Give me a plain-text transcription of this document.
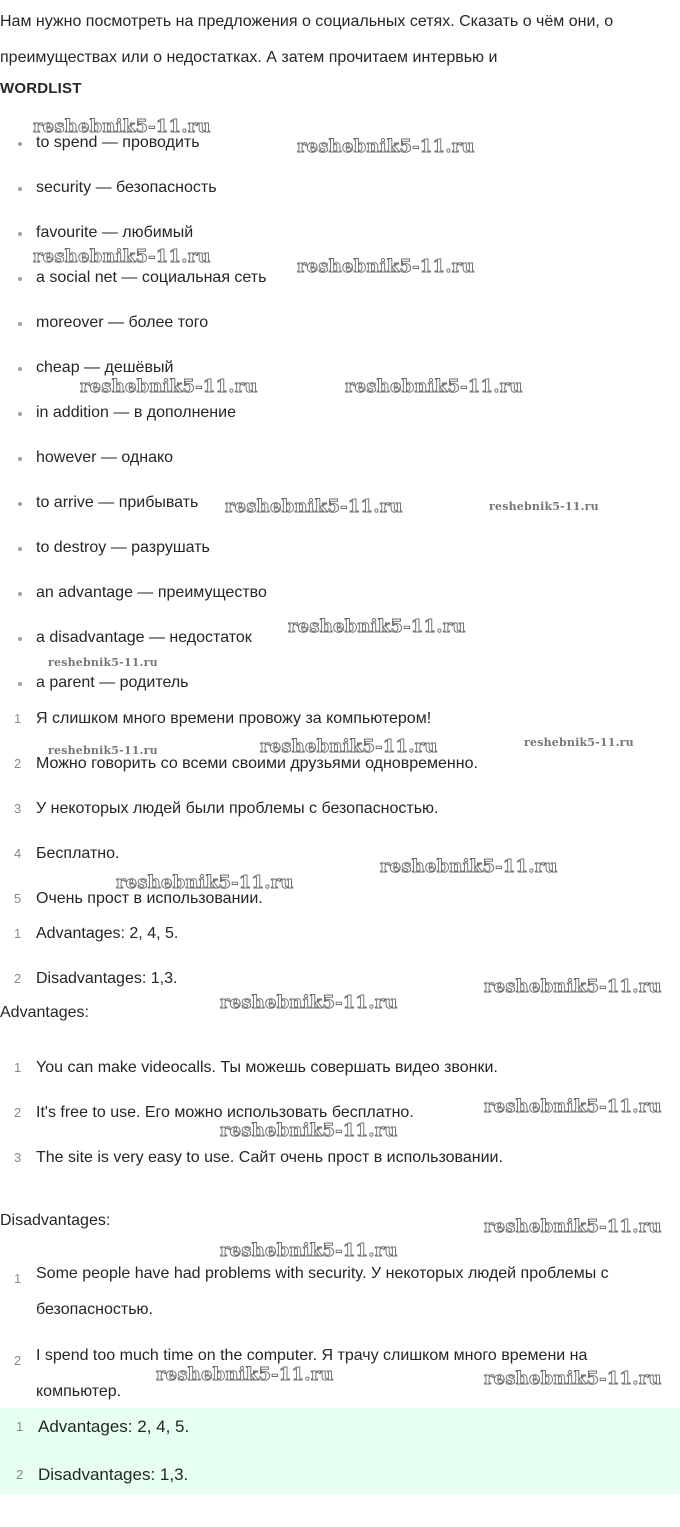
Нам нужно посмотреть на предложения о социальных сетях. Сказать о чём они, о преимуществах или о недостатках. А затем прочитаем интервью и

WORDLIST
to spend — проводить
security — безопасность
favourite — любимый
a social net — социальная сеть
moreover — более того
cheap — дешёвый
in addition — в дополнение
however — однако
to arrive — прибывать
to destroy — разрушать
an advantage — преимущество
a disadvantage — недостаток
a parent — родитель
1 Я слишком много времени провожу за компьютером!
2 Можно говорить со всеми своими друзьями одновременно.
3 У некоторых людей были проблемы с безопасностью.
4 Бесплатно.
5 Очень прост в использовании.
1 Advantages: 2, 4, 5.
2 Disadvantages: 1,3.
Advantages:
1 You can make videocalls. Ты можешь совершать видео звонки.
2 It's free to use. Его можно использовать бесплатно.
3 The site is very easy to use. Сайт очень прост в использовании.
Disadvantages:
1 Some people have had problems with security. У некоторых людей проблемы с безопасностью.
2 I spend too much time on the computer. Я трачу слишком много времени на компьютер.
1 Advantages: 2, 4, 5.
2 Disadvantages: 1,3.
reshebnik5-11.ru
reshebnik5-11.ru
reshebnik5-11.ru	reshebnik5-11.ru
reshebnik5-11.ru	reshebnik5-11.ru
reshebnik5-11.ru	reshebnik5-11.ru
reshebnik5-11.ru
reshebnik5-11.ru
reshebnik5-11.ru	reshebnik5-11.ru	reshebnik5-11.ru
reshebnik5-11.ru
reshebnik5-11.ru
reshebnik5-11.ru
reshebnik5-11.ru
reshebnik5-11.ru
reshebnik5-11.ru
reshebnik5-11.ru
reshebnik5-11.ru
reshebnik5-11.ru	reshebnik5-11.ru
